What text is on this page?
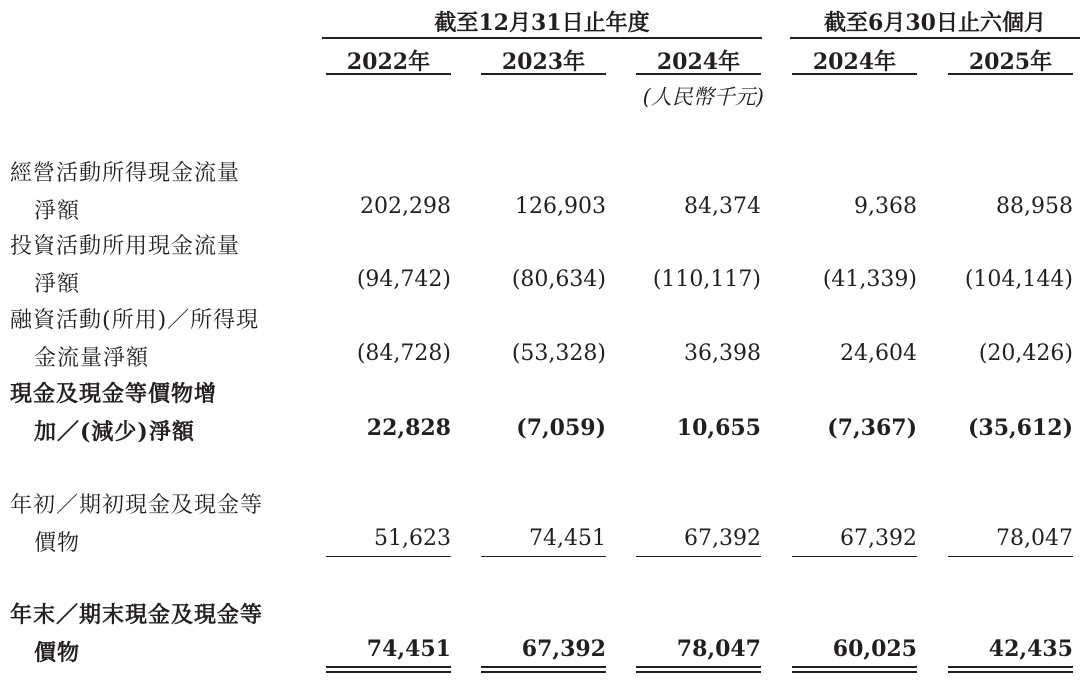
截至12月31日止年度	截至6月30日止六個月
2022年	2023年	2024年	2024年	2025年
(人民幣千元)
經營活動所得現金流量
淨額	202,298	126,903	84,374	9,368	88,958
投資活動所用現金流量
淨額	(94,742)	(80,634)	(110,117)	(41,339)	(104,144)
融資活動(所用)／所得現
金流量淨額	(84,728)	(53,328)	36,398	24,604	(20,426)
現金及現金等價物增
加／(減少)淨額	22,828	(7,059)	10,655	(7,367)	(35,612)
年初／期初現金及現金等
價物	51,623	74,451	67,392	67,392	78,047
年末／期末現金及現金等
價物	74,451	67,392	78,047	60,025	42,435
